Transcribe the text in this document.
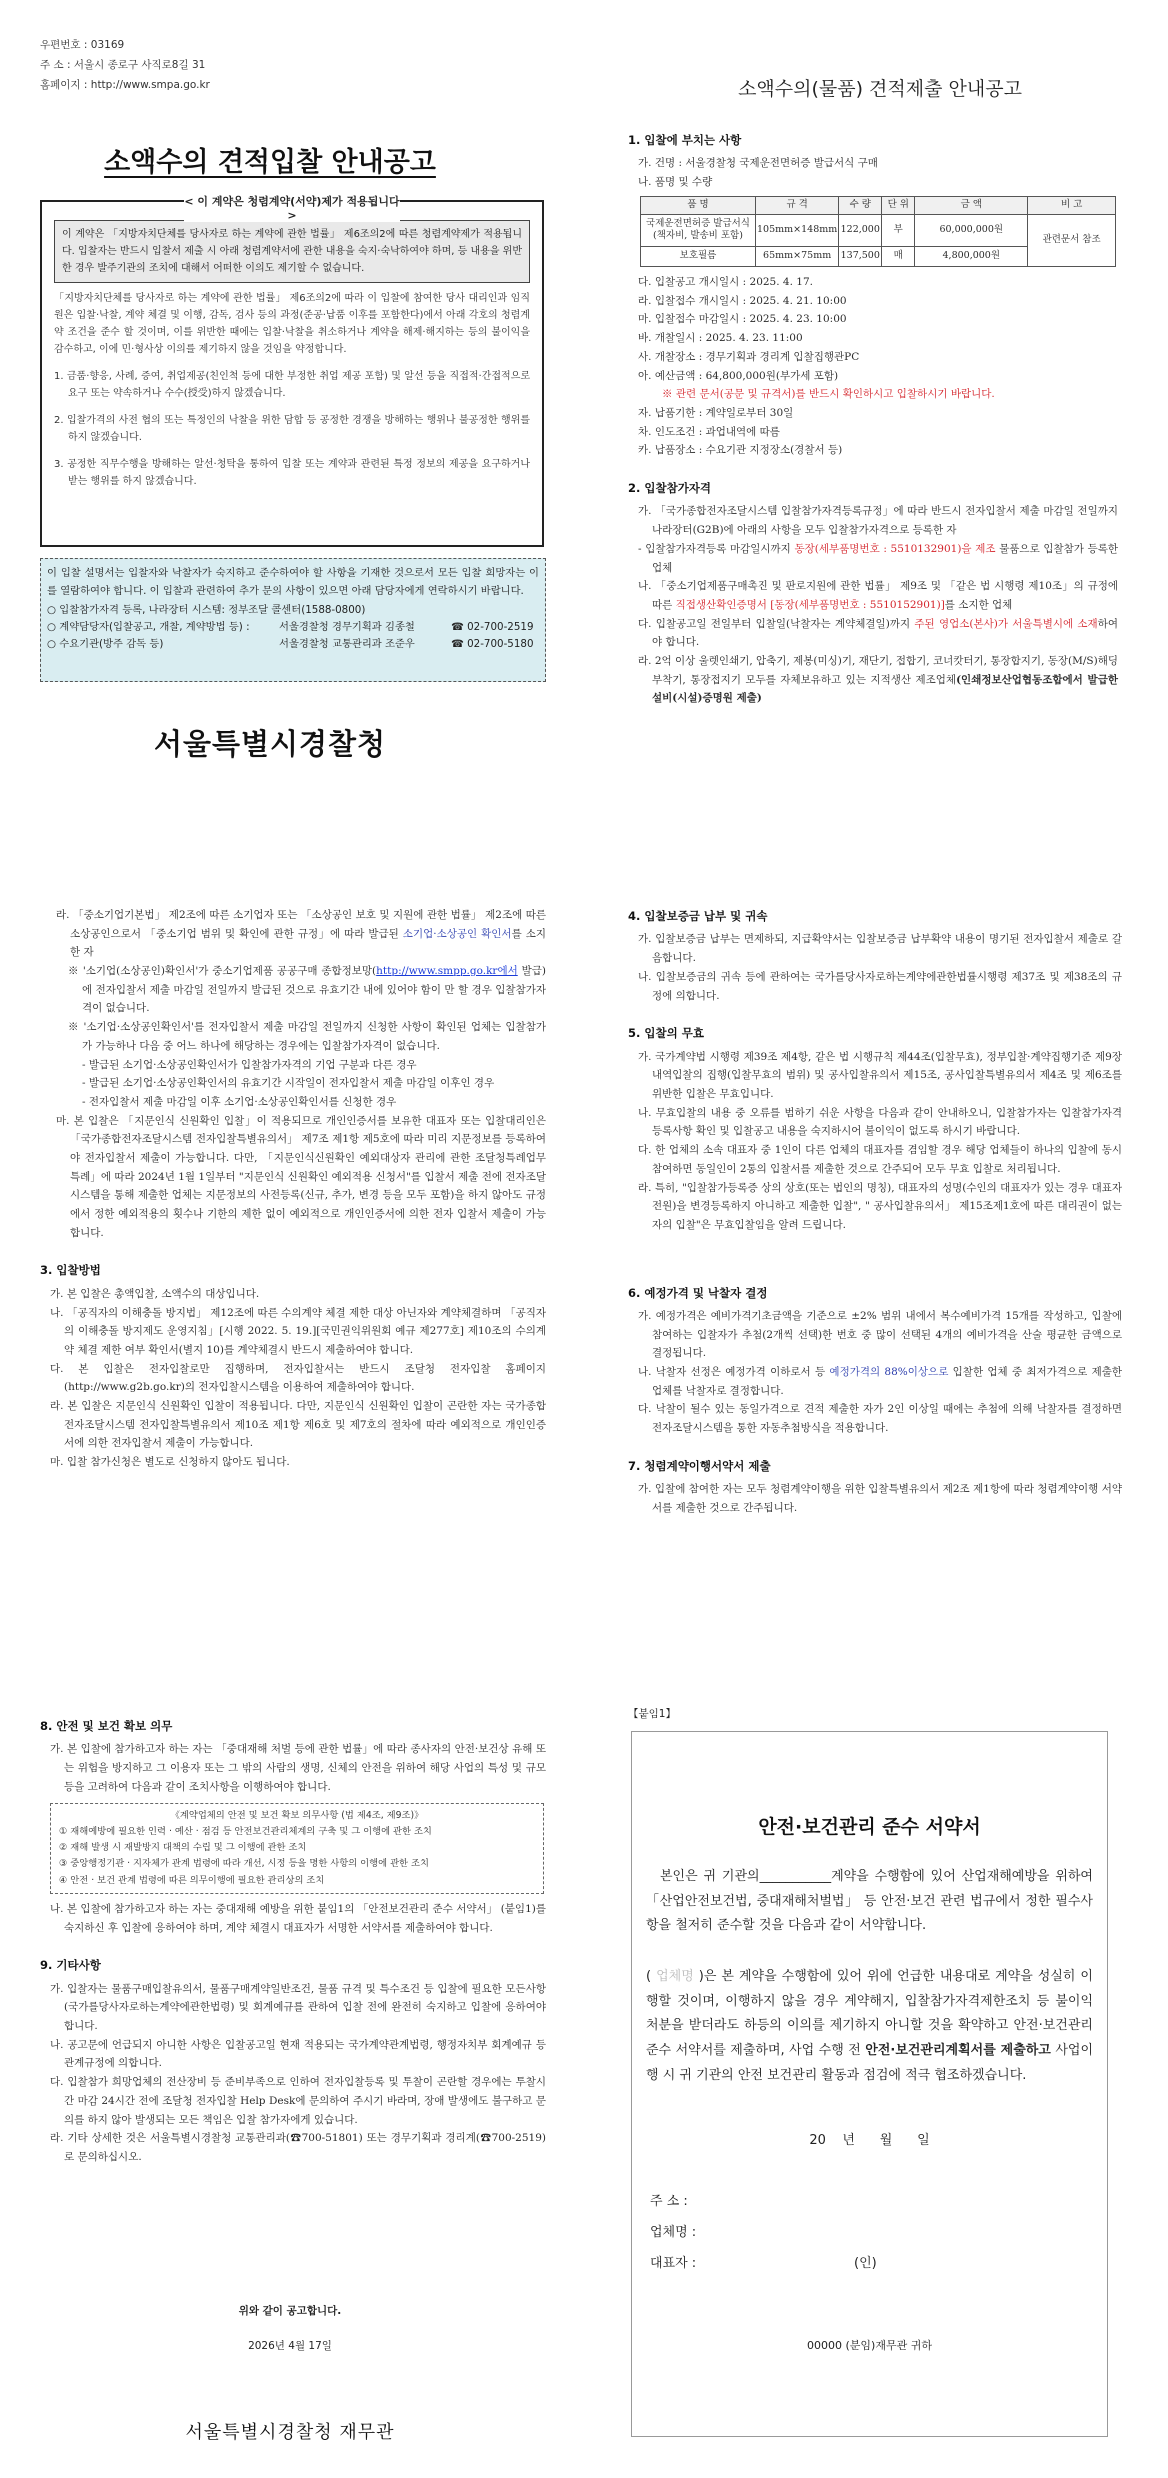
우편번호 : 03169
주 소 : 서울시 종로구 사직로8길 31
홈페이지 : http://www.smpa.go.kr
소액수의 견적입찰 안내공고
< 이 계약은 청렴계약(서약)제가 적용됩니다 >
이 계약은 「지방자치단체를 당사자로 하는 계약에 관한 법률」 제6조의2에 따른 청렴계약제가 적용됩니다. 입찰자는 반드시 입찰서 제출 시 아래 청렴계약서에 관한 내용을 숙지·숙낙하여야 하며, 등 내용을 위반한 경우 발주기관의 조치에 대해서 어떠한 이의도 제기할 수 없습니다.

「지방자치단체를 당사자로 하는 계약에 관한 법률」 제6조의2에 따라 이 입찰에 참여한 당사 대리인과 임직원은 입찰·낙찰, 계약 체결 및 이행, 감독, 검사 등의 과정(준공·납품 이후를 포함한다)에서 아래 각호의 청렴계약 조건을 준수 할 것이며, 이를 위반한 때에는 입찰·낙찰을 취소하거나 계약을 해제·해지하는 등의 불이익을 감수하고, 이에 민·형사상 이의를 제기하지 않을 것임을 약정합니다.

1. 금품·향응, 사례, 증여, 취업제공(친인척 등에 대한 부정한 취업 제공 포함) 및 알선 등을 직접적·간접적으로 요구 또는 약속하거나 수수(授受)하지 않겠습니다.

2. 입찰가격의 사전 협의 또는 특정인의 낙찰을 위한 담합 등 공정한 경쟁을 방해하는 행위나 불공정한 행위를 하지 않겠습니다.

3. 공정한 직무수행을 방해하는 알선·청탁을 통하여 입찰 또는 계약과 관련된 특정 정보의 제공을 요구하거나 받는 행위를 하지 않겠습니다.

이 입찰 설명서는 입찰자와 낙찰자가 숙지하고 준수하여야 할 사항을 기재한 것으로서 모든 입찰 희망자는 이를 열람하여야 합니다. 이 입찰과 관련하여 추가 문의 사항이 있으면 아래 담당자에게 연락하시기 바랍니다.

○ 입찰참가자격 등록, 나라장터 시스템: 정부조달 콜센터(1588-0800)
○ 계약담당자(입찰공고, 개찰, 계약방법 등) :	서울경찰청 경무기획과 김종철	☎ 02-700-2519
○ 수요기관(방주 감독 등)	서울경찰청 교통관리과 조준우	☎ 02-700-5180
서울특별시경찰청
소액수의(물품) 견적제출 안내공고
1. 입찰에 부치는 사항

가. 건명 : 서울경찰청 국제운전면허증 발급서식 구매

나. 품명 및 수량

품 명	규 격	수 량	단 위	금 액	비 고
국제운전면허증 발급서식 (책자비, 발송비 포함)	105mm×148mm	122,000	부	60,000,000원	관련문서 참조
보호필름	65mm×75mm	137,500	매	4,800,000원	

다. 입찰공고 개시일시 : 2025. 4. 17.

라. 입찰접수 개시일시 : 2025. 4. 21. 10:00

마. 입찰접수 마감일시 : 2025. 4. 23. 10:00

바. 개찰일시 : 2025. 4. 23. 11:00

사. 개찰장소 : 경무기획과 경리계 입찰집행관PC

아. 예산금액 : 64,800,000원(부가세 포함)

※ 관련 문서(공문 및 규격서)를 반드시 확인하시고 입찰하시기 바랍니다.

자. 납품기한 : 계약일로부터 30일

차. 인도조건 : 과업내역에 따름

카. 납품장소 : 수요기관 지정장소(경찰서 등)

2. 입찰참가자격

가. 「국가종합전자조달시스템 입찰참가자격등록규정」에 따라 반드시 전자입찰서 제출 마감일 전일까지 나라장터(G2B)에 아래의 사항을 모두 입찰참가자격으로 등록한 자

- 입찰참가자격등록 마감일시까지 동장(세부품명번호 : 5510132901)을 제조 물품으로 입찰참가 등록한 업체

나. 「중소기업제품구매촉진 및 판로지원에 관한 법률」 제9조 및 「같은 법 시행령 제10조」의 규정에 따른 직접생산확인증명서 [동장(세부품명번호 : 5510152901)]를 소지한 업체

다. 입찰공고일 전일부터 입찰일(낙찰자는 계약체결일)까지 주된 영업소(본사)가 서울특별시에 소재하여야 합니다.

라. 2억 이상 울렛인쇄기, 압축기, 제봉(미싱)기, 재단기, 접합기, 코너캇터기, 통장합지기, 동장(M/S)해딩 부착기, 통장접지기 모두를 자체보유하고 있는 지적생산 제조업체(인쇄정보산업협동조합에서 발급한 설비(시설)증명원 제출)

라. 「중소기업기본법」 제2조에 따른 소기업자 또는 「소상공인 보호 및 지원에 관한 법률」 제2조에 따른 소상공인으로서 「중소기업 범위 및 확인에 관한 규정」에 따라 발급된 소기업·소상공인 확인서를 소지한 자

※ '소기업(소상공인)확인서'가 중소기업제품 공공구매 종합정보망(http://www.smpp.go.kr에서 발급)에 전자입찰서 제출 마감일 전일까지 발급된 것으로 유효기간 내에 있어야 함이 만 할 경우 입찰참가자격이 없습니다.

※ '소기업·소상공인확인서'를 전자입찰서 제출 마감일 전일까지 신청한 사항이 확인된 업체는 입찰참가가 가능하나 다음 중 어느 하나에 해당하는 경우에는 입찰참가자격이 없습니다.

- 발급된 소기업·소상공인확인서가 입찰참가자격의 기업 구분과 다른 경우

- 발급된 소기업·소상공인확인서의 유효기간 시작일이 전자입찰서 제출 마감일 이후인 경우

- 전자입찰서 제출 마감일 이후 소기업·소상공인확인서를 신청한 경우

마. 본 입찰은 「지문인식 신원확인 입찰」이 적용되므로 개인인증서를 보유한 대표자 또는 입찰대리인은 「국가종합전자조달시스템 전자입찰특별유의서」 제7조 제1항 제5호에 따라 미리 지문정보를 등록하여야 전자입찰서 제출이 가능합니다. 다만, 「지문인식신원확인 예외대상자 관리에 관한 조달청특례업무 특례」에 따라 2024년 1월 1일부터 "지문인식 신원확인 예외적용 신청서"를 입찰서 제출 전에 전자조달시스템을 통해 제출한 업체는 지문정보의 사전등록(신규, 추가, 변경 등을 모두 포함)을 하지 않아도 규정에서 정한 예외적용의 횟수나 기한의 제한 없이 예외적으로 개인인증서에 의한 전자 입찰서 제출이 가능합니다.

3. 입찰방법

가. 본 입찰은 총액입찰, 소액수의 대상입니다.

나. 「공직자의 이해충돌 방지법」 제12조에 따른 수의계약 체결 제한 대상 아닌자와 계약체결하며 「공직자의 이해충돌 방지제도 운영지침」[시행 2022. 5. 19.][국민권익위원회 예규 제277호] 제10조의 수의계약 체결 제한 여부 확인서(별지 10)를 계약체결시 반드시 제출하여야 합니다.

다. 본 입찰은 전자입찰로만 집행하며, 전자입찰서는 반드시 조달청 전자입찰 홈페이지 (http://www.g2b.go.kr)의 전자입찰시스템을 이용하여 제출하여야 합니다.

라. 본 입찰은 지문인식 신원확인 입찰이 적용됩니다. 다만, 지문인식 신원확인 입찰이 곤란한 자는 국가종합전자조달시스템 전자입찰특별유의서 제10조 제1항 제6호 및 제7호의 절차에 따라 예외적으로 개인인증서에 의한 전자입찰서 제출이 가능합니다.

마. 입찰 참가신청은 별도로 신청하지 않아도 됩니다.

4. 입찰보증금 납부 및 귀속

가. 입찰보증금 납부는 면제하되, 지급확약서는 입찰보증금 납부확약 내용이 명기된 전자입찰서 제출로 갈음합니다.

나. 입찰보증금의 귀속 등에 관하여는 국가를당사자로하는계약에관한법률시행령 제37조 및 제38조의 규정에 의합니다.

5. 입찰의 무효

가. 국가계약법 시행령 제39조 제4항, 같은 법 시행규칙 제44조(입찰무효), 정부입찰·계약집행기준 제9장 내역입찰의 집행(입찰무효의 범위) 및 공사입찰유의서 제15조, 공사입찰특별유의서 제4조 및 제6조를 위반한 입찰은 무효입니다.

나. 무효입찰의 내용 중 오류를 범하기 쉬운 사항을 다음과 같이 안내하오니, 입찰참가자는 입찰참가자격 등록사항 확인 및 입찰공고 내용을 숙지하시어 불이익이 없도록 하시기 바랍니다.

다. 한 업체의 소속 대표자 중 1인이 다른 업체의 대표자를 겸임할 경우 해당 업체들이 하나의 입찰에 동시 참여하면 동일인이 2통의 입찰서를 제출한 것으로 간주되어 모두 무효 입찰로 처리됩니다.

라. 특히, "입찰참가등록증 상의 상호(또는 법인의 명칭), 대표자의 성명(수인의 대표자가 있는 경우 대표자 전원)을 변경등록하지 아니하고 제출한 입찰", " 공사입찰유의서」 제15조제1호에 따른 대리권이 없는 자의 입찰"은 무효입찰임을 알려 드립니다.

6. 예정가격 및 낙찰자 결정

가. 예정가격은 예비가격기초금액을 기준으로 ±2% 범위 내에서 복수예비가격 15개를 작성하고, 입찰에 참여하는 입찰자가 추첨(2개씩 선택)한 번호 중 많이 선택된 4개의 예비가격을 산술 평균한 금액으로 결정됩니다.

나. 낙찰자 선정은 예정가격 이하로서 등 예정가격의 88%이상으로 입찰한 업체 중 최저가격으로 제출한 업체를 낙찰자로 결정합니다.

다. 낙찰이 될수 있는 동일가격으로 견적 제출한 자가 2인 이상일 때에는 추첨에 의해 낙찰자를 결정하면 전자조달시스템을 통한 자동추첨방식을 적용합니다.

7. 청렴계약이행서약서 제출

가. 입찰에 참여한 자는 모두 청렴계약이행을 위한 입찰특별유의서 제2조 제1항에 따라 청렴계약이행 서약서를 제출한 것으로 간주됩니다.

8. 안전 및 보건 확보 의무

가. 본 입찰에 참가하고자 하는 자는 「중대재해 처벌 등에 관한 법률」에 따라 종사자의 안전·보건상 유해 또는 위험을 방지하고 그 이용자 또는 그 밖의 사람의 생명, 신체의 안전을 위하여 해당 사업의 특성 및 규모 등을 고려하여 다음과 같이 조치사항을 이행하여야 합니다.

《계약업체의 안전 및 보건 확보 의무사항 (법 제4조, 제9조)》
① 재해예방에 필요한 인력 · 예산 · 점검 등 안전보건관리체계의 구축 및 그 이행에 관한 조치
② 재해 발생 시 재발방지 대책의 수립 및 그 이행에 관한 조치
③ 중앙행정기관 · 지자체가 관계 법령에 따라 개선, 시정 등을 명한 사항의 이행에 관한 조치
④ 안전 · 보건 관계 법령에 따른 의무이행에 필요한 관리상의 조치

나. 본 입찰에 참가하고자 하는 자는 중대재해 예방을 위한 붙임1의 「안전보건관리 준수 서약서」 (붙임1)를 숙지하신 후 입찰에 응하여야 하며, 계약 체결시 대표자가 서명한 서약서를 제출하여야 합니다.

9. 기타사항

가. 입찰자는 물품구매입찰유의서, 물품구매계약일반조건, 물품 규격 및 특수조건 등 입찰에 필요한 모든사항(국가를당사자로하는계약에관한법령) 및 회계예규를 관하여 입찰 전에 완전히 숙지하고 입찰에 응하여야 합니다.

나. 공고문에 언급되지 아니한 사항은 입찰공고일 현재 적용되는 국가계약관계법령, 행정자치부 회계예규 등 관계규정에 의합니다.

다. 입찰참가 희망업체의 전산장비 등 준비부족으로 인하여 전자입찰등록 및 투찰이 곤란할 경우에는 투찰시간 마감 24시간 전에 조달청 전자입찰 Help Desk에 문의하여 주시기 바라며, 장애 발생에도 불구하고 문의를 하지 않아 발생되는 모든 책임은 입찰 참가자에게 있습니다.

라. 기타 상세한 것은 서울특별시경찰청 교통관리과(☎700-51801) 또는 경무기획과 경리계(☎700-2519)로 문의하십시오.

위와 같이 공고합니다.
2026년 4월 17일
서울특별시경찰청 재무관
【붙임1】
안전·보건관리 준수 서약서

본인은 귀 기관의___________계약을 수행함에 있어 산업재해예방을 위하여 「산업안전보건법, 중대재해처벌법」 등 안전·보건 관련 법규에서 정한 필수사항을 철저히 준수할 것을 다음과 같이 서약합니다.

( 업체명 )은 본 계약을 수행함에 있어 위에 언급한 내용대로 계약을 성실히 이행할 것이며, 이행하지 않을 경우 계약해지, 입찰참가자격제한조치 등 불이익 처분을 받더라도 하등의 이의를 제기하지 아니할 것을 확약하고 안전·보건관리 준수 서약서를 제출하며, 사업 수행 전 안전·보건관리계획서를 제출하고 사업이행 시 귀 기관의 안전 보건관리 활동과 점검에 적극 협조하겠습니다.

20    년      월      일
주 소 :
업체명 :
대표자 :	(인)
00000 (분임)재무관 귀하
